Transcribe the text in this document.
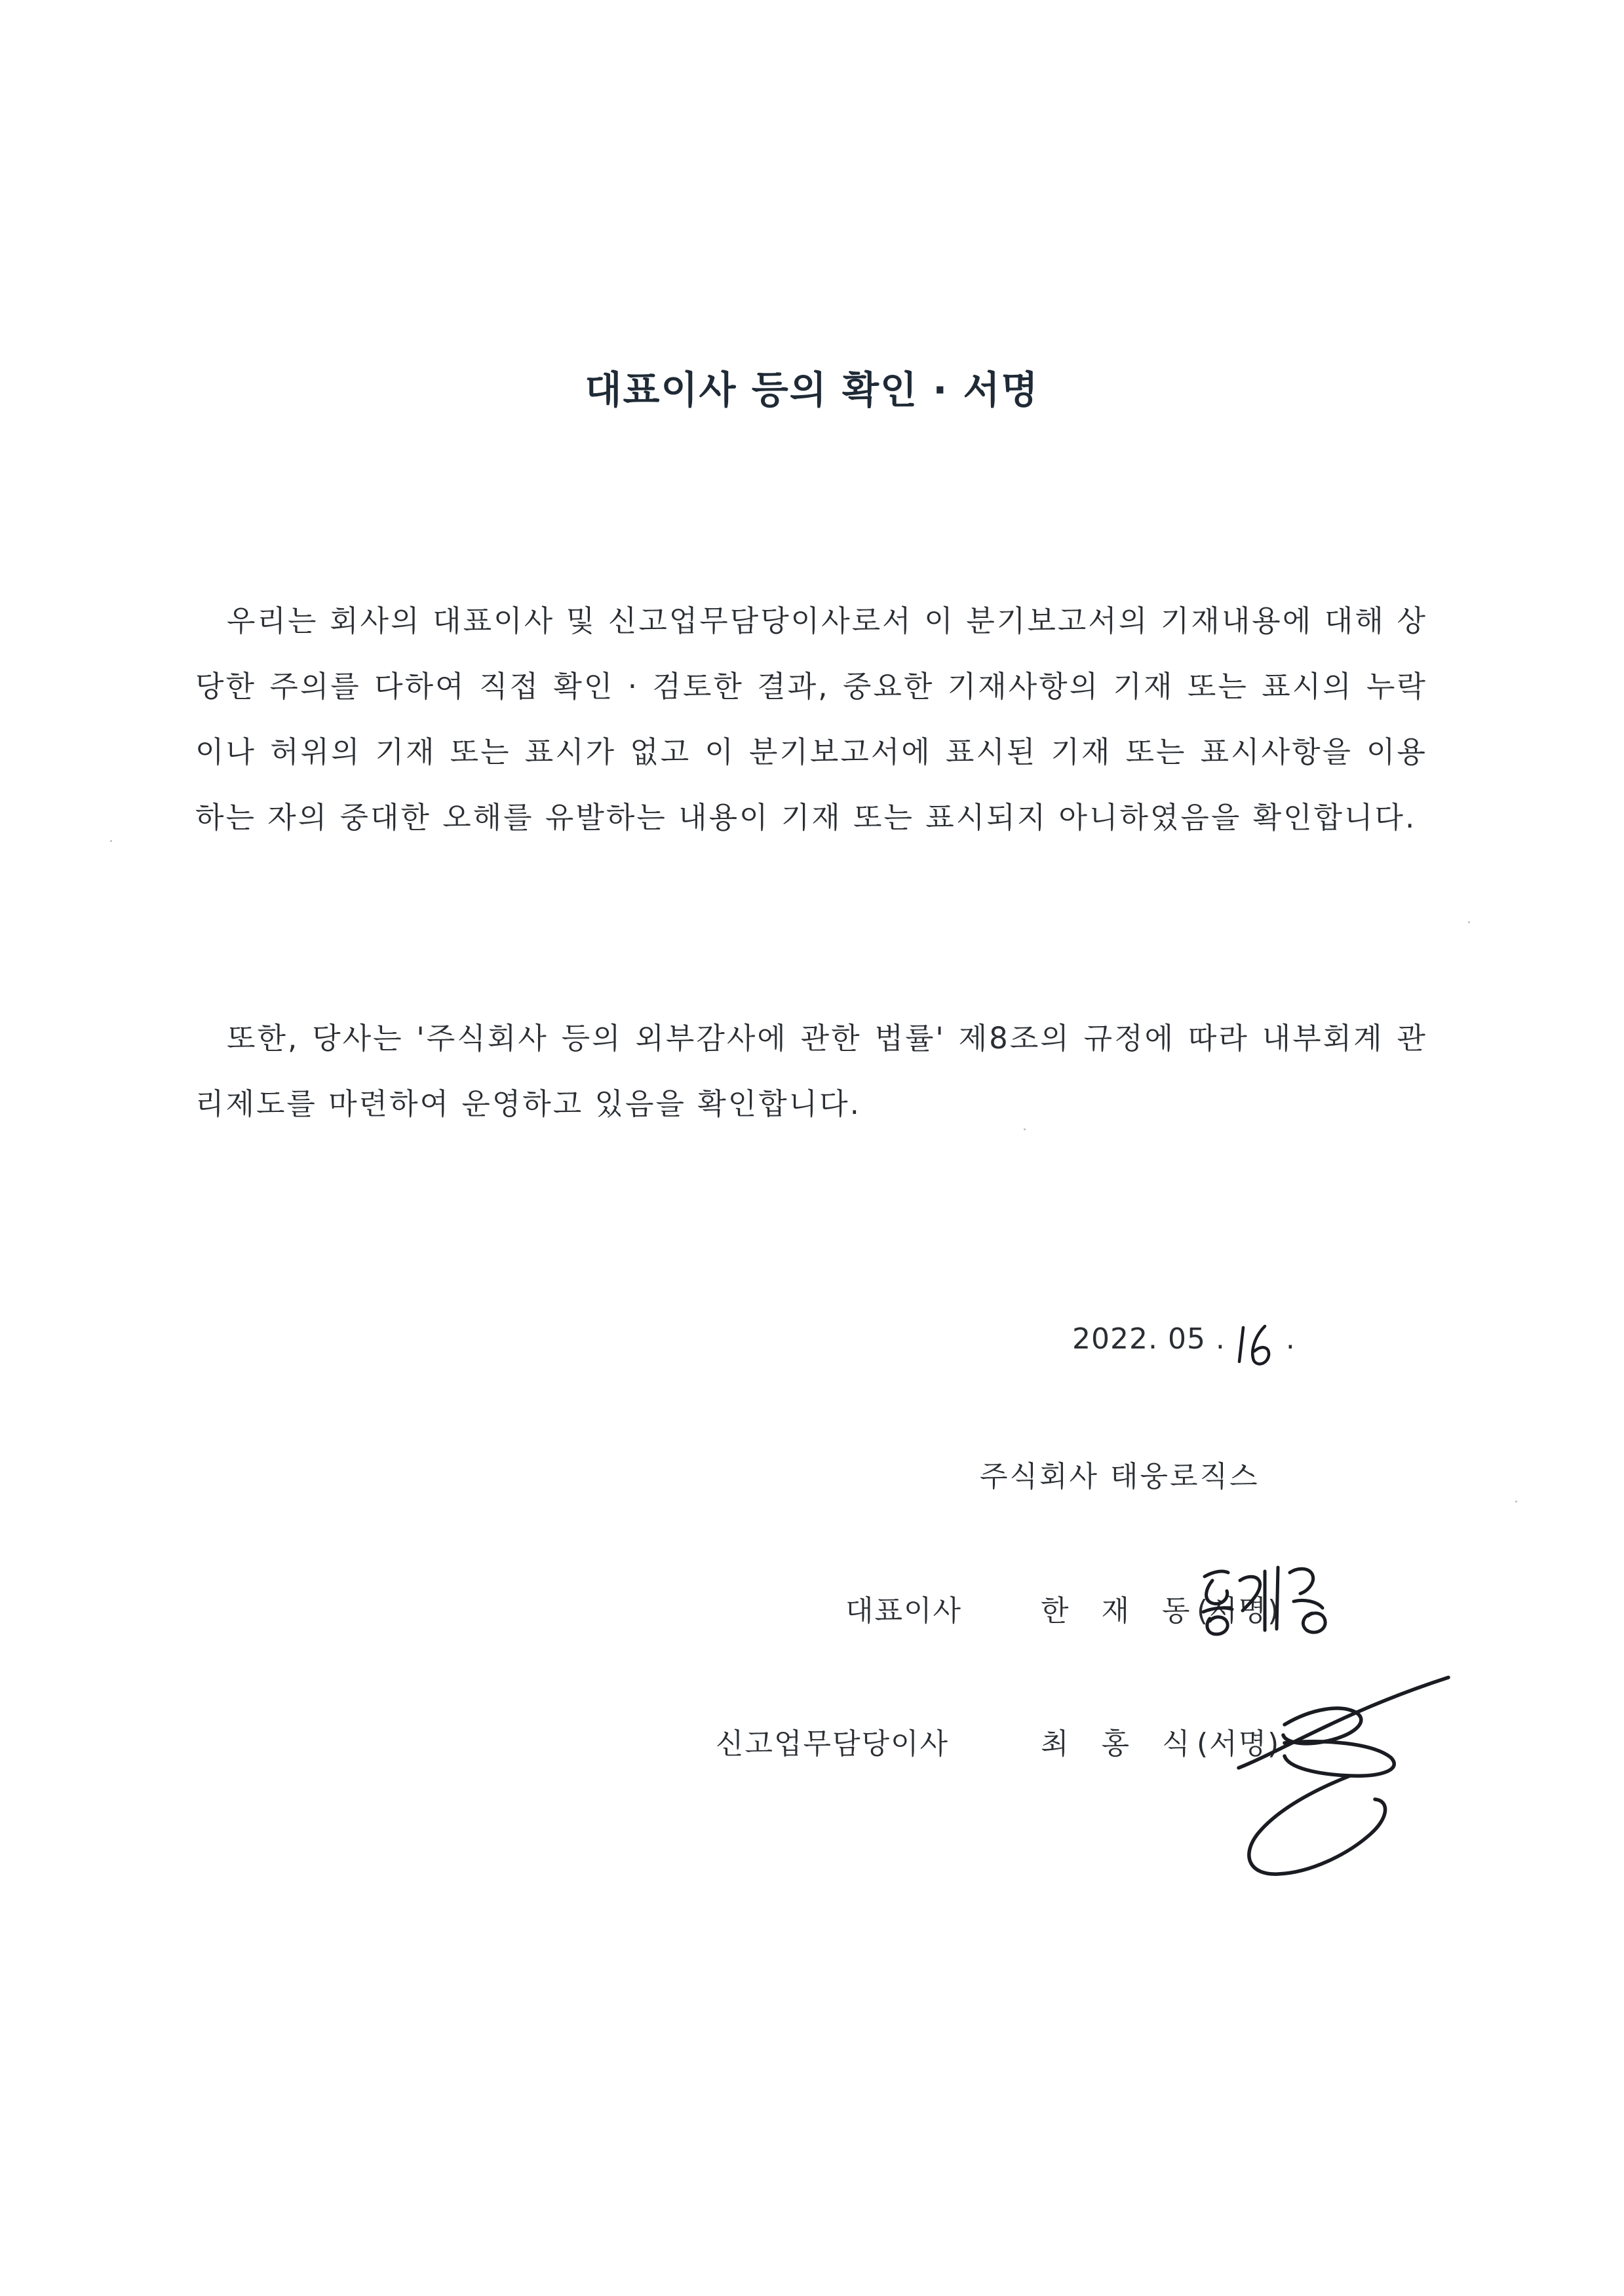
대표이사 등의 확인 · 서명
우리는 회사의 대표이사 및 신고업무담당이사로서 이 분기보고서의 기재내용에 대해 상당한 주의를 다하여 직접 확인 · 검토한 결과, 중요한 기재사항의 기재 또는 표시의 누락이나 허위의 기재 또는 표시가 없고 이 분기보고서에 표시된 기재 또는 표시사항을 이용하는 자의 중대한 오해를 유발하는 내용이 기재 또는 표시되지 아니하였음을 확인합니다.
또한, 당사는 '주식회사 등의 외부감사에 관한 법률' 제8조의 규정에 따라 내부회계 관리제도를 마련하여 운영하고 있음을 확인합니다.
2022. 05 . .
주식회사 태웅로직스
대표이사	한 재 동
(서명)
신고업무담당이사	최 홍 식
(서명)
